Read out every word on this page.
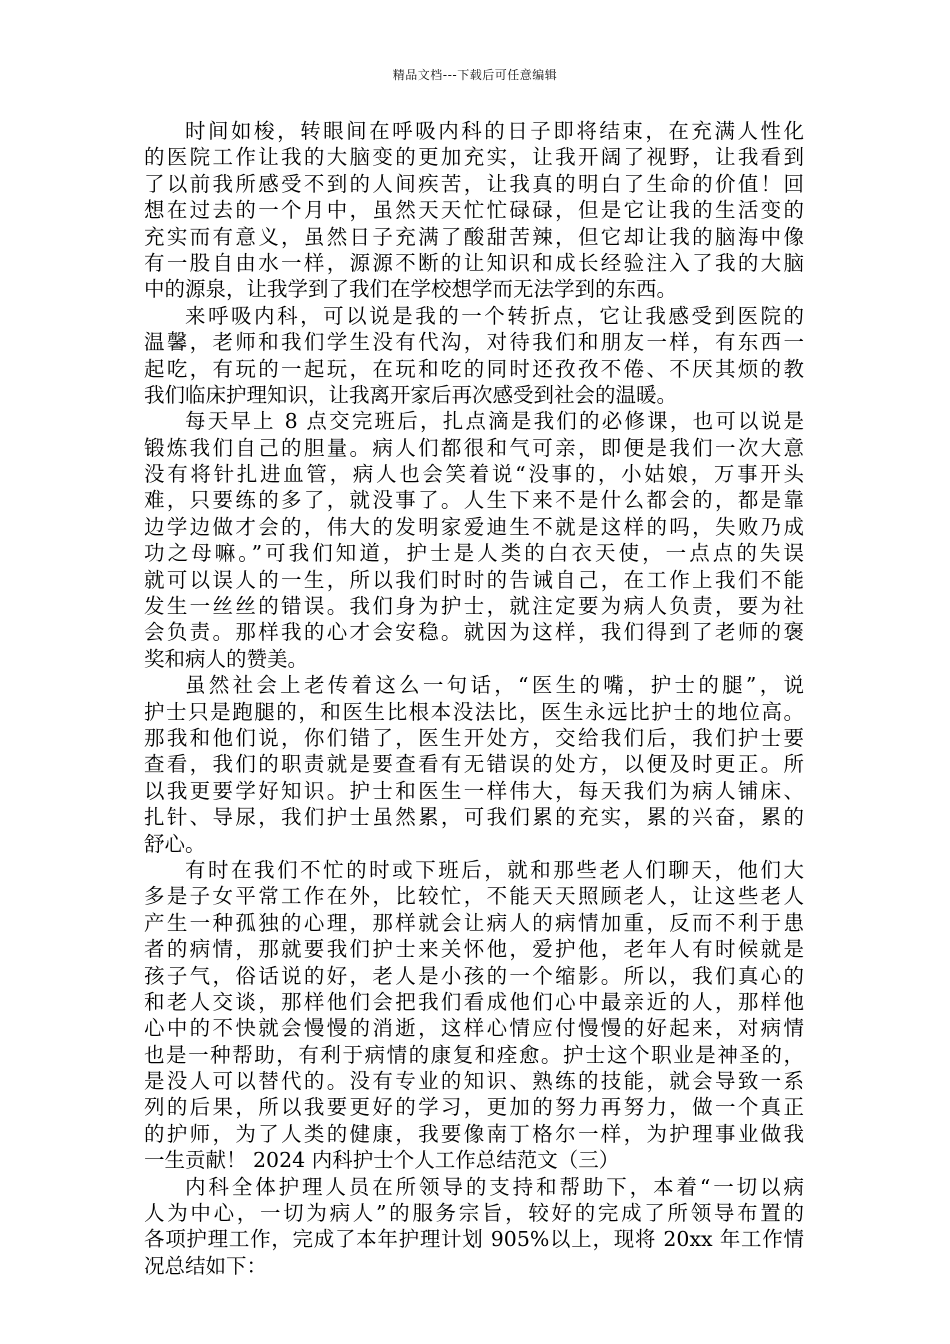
精品文档---下载后可任意编辑
时间如梭，转眼间在呼吸内科的日子即将结束，在充满人性化
的医院工作让我的大脑变的更加充实，让我开阔了视野，让我看到
了以前我所感受不到的人间疾苦，让我真的明白了生命的价值！回
想在过去的一个月中，虽然天天忙忙碌碌，但是它让我的生活变的
充实而有意义，虽然日子充满了酸甜苦辣，但它却让我的脑海中像
有一股自由水一样，源源不断的让知识和成长经验注入了我的大脑
中的源泉，让我学到了我们在学校想学而无法学到的东西。
来呼吸内科，可以说是我的一个转折点，它让我感受到医院的
温馨，老师和我们学生没有代沟，对待我们和朋友一样，有东西一
起吃，有玩的一起玩，在玩和吃的同时还孜孜不倦、不厌其烦的教
我们临床护理知识，让我离开家后再次感受到社会的温暖。
每天早上 8 点交完班后，扎点滴是我们的必修课，也可以说是
锻炼我们自己的胆量。病人们都很和气可亲，即便是我们一次大意
没有将针扎进血管，病人也会笑着说“没事的，小姑娘，万事开头
难，只要练的多了，就没事了。人生下来不是什么都会的，都是靠
边学边做才会的，伟大的发明家爱迪生不就是这样的吗，失败乃成
功之母嘛。”可我们知道，护士是人类的白衣天使，一点点的失误
就可以误人的一生，所以我们时时的告诫自己，在工作上我们不能
发生一丝丝的错误。我们身为护士，就注定要为病人负责，要为社
会负责。那样我的心才会安稳。就因为这样，我们得到了老师的褒
奖和病人的赞美。
虽然社会上老传着这么一句话，“医生的嘴，护士的腿”，说
护士只是跑腿的，和医生比根本没法比，医生永远比护士的地位高。
那我和他们说，你们错了，医生开处方，交给我们后，我们护士要
查看，我们的职责就是要查看有无错误的处方，以便及时更正。所
以我更要学好知识。护士和医生一样伟大，每天我们为病人铺床、
扎针、导尿，我们护士虽然累，可我们累的充实，累的兴奋，累的
舒心。
有时在我们不忙的时或下班后，就和那些老人们聊天，他们大
多是子女平常工作在外，比较忙，不能天天照顾老人，让这些老人
产生一种孤独的心理，那样就会让病人的病情加重，反而不利于患
者的病情，那就要我们护士来关怀他，爱护他，老年人有时候就是
孩子气，俗话说的好，老人是小孩的一个缩影。所以，我们真心的
和老人交谈，那样他们会把我们看成他们心中最亲近的人，那样他
心中的不快就会慢慢的消逝，这样心情应付慢慢的好起来，对病情
也是一种帮助，有利于病情的康复和痊愈。护士这个职业是神圣的，
是没人可以替代的。没有专业的知识、熟练的技能，就会导致一系
列的后果，所以我要更好的学习，更加的努力再努力，做一个真正
的护师，为了人类的健康，我要像南丁格尔一样，为护理事业做我
一生贡献！ 2024 内科护士个人工作总结范文（三）
内科全体护理人员在所领导的支持和帮助下，本着“一切以病
人为中心，一切为病人”的服务宗旨，较好的完成了所领导布置的
各项护理工作，完成了本年护理计划 905%以上，现将 20xx 年工作情
况总结如下：
